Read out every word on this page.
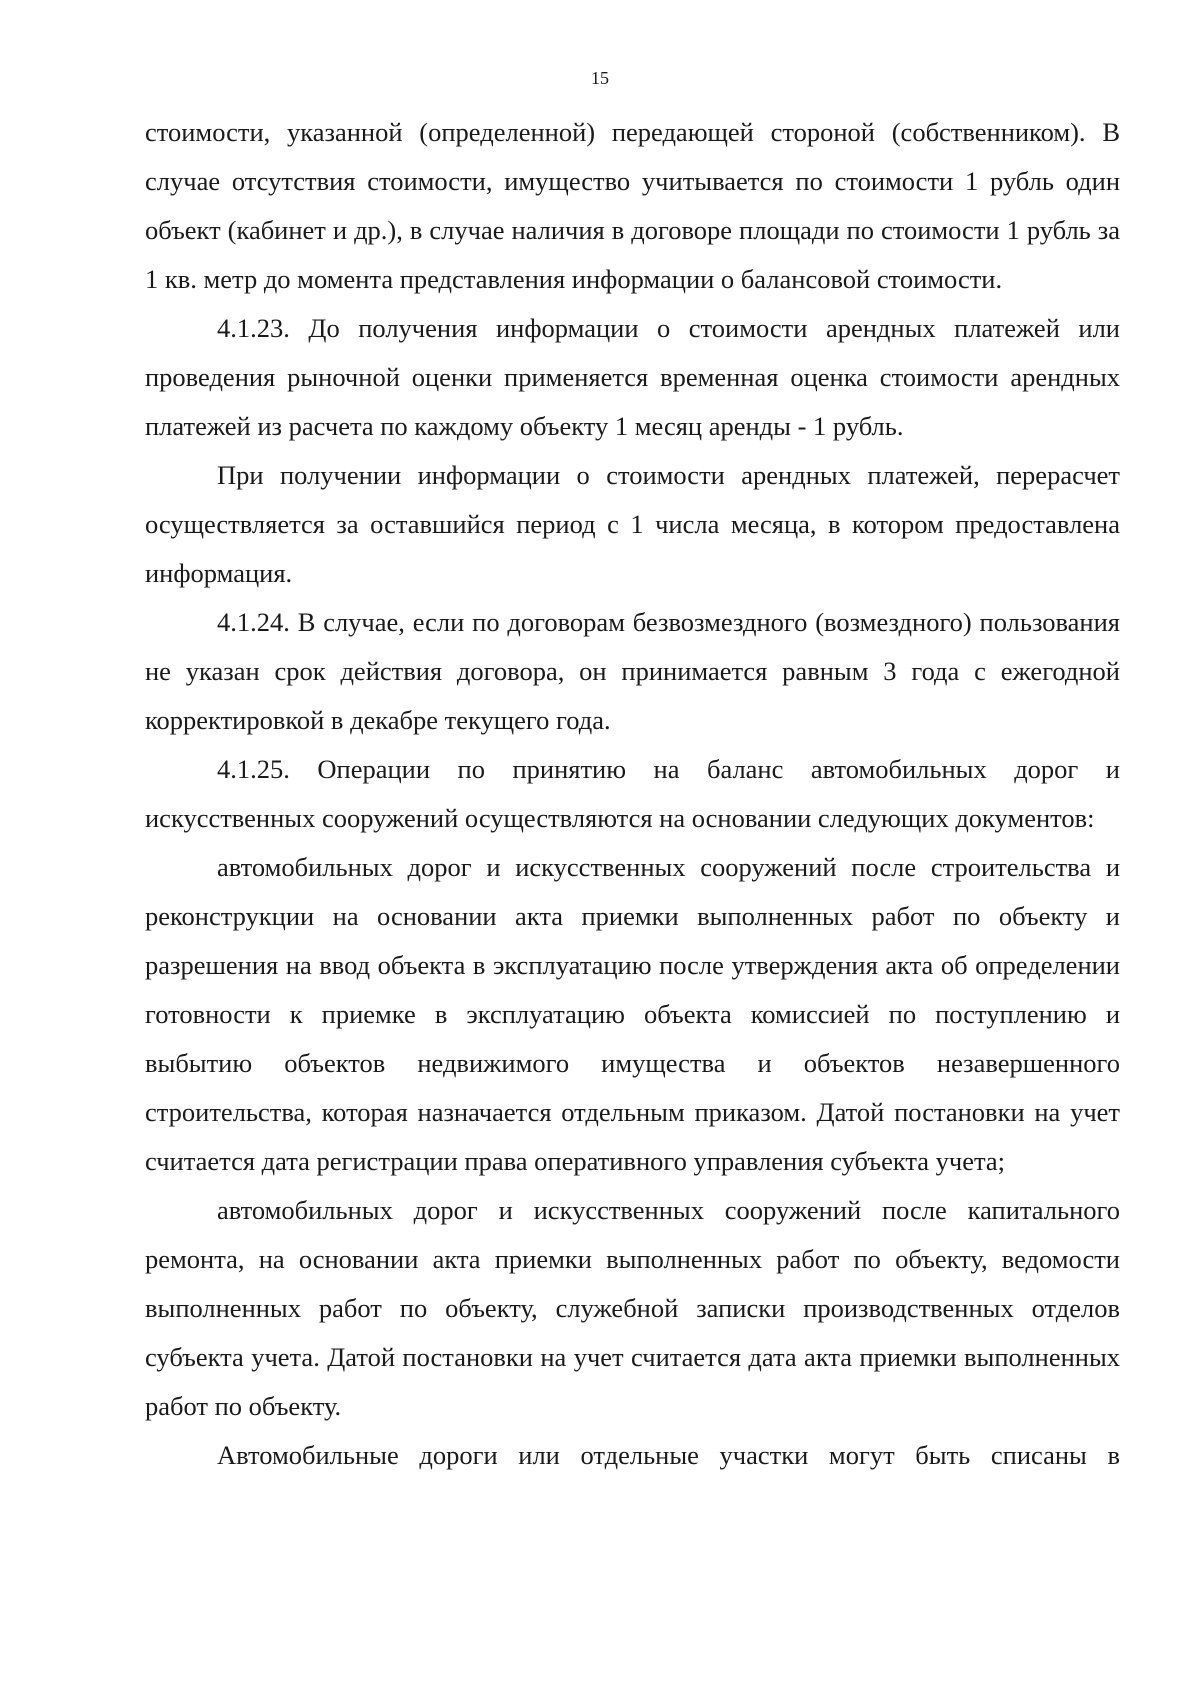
15

стоимости, указанной (определенной) передающей стороной (собственником). В случае отсутствия стоимости, имущество учитывается по стоимости 1 рубль один объект (кабинет и др.), в случае наличия в договоре площади по стоимости 1 рубль за 1 кв. метр до момента представления информации о балансовой стоимости.

4.1.23. До получения информации о стоимости арендных платежей или проведения рыночной оценки применяется временная оценка стоимости арендных платежей из расчета по каждому объекту 1 месяц аренды - 1 рубль.

При получении информации о стоимости арендных платежей, перерасчет осуществляется за оставшийся период с 1 числа месяца, в котором предоставлена информация.

4.1.24. В случае, если по договорам безвозмездного (возмездного) пользования не указан срок действия договора, он принимается равным 3 года с ежегодной корректировкой в декабре текущего года.

4.1.25. Операции по принятию на баланс автомобильных дорог и искусственных сооружений осуществляются на основании следующих документов:

автомобильных дорог и искусственных сооружений после строительства и реконструкции на основании акта приемки выполненных работ по объекту и разрешения на ввод объекта в эксплуатацию после утверждения акта об определении готовности к приемке в эксплуатацию объекта комиссией по поступлению и выбытию объектов недвижимого имущества и объектов незавершенного строительства, которая назначается отдельным приказом. Датой постановки на учет считается дата регистрации права оперативного управления субъекта учета;

автомобильных дорог и искусственных сооружений после капитального ремонта, на основании акта приемки выполненных работ по объекту, ведомости выполненных работ по объекту, служебной записки производственных отделов субъекта учета. Датой постановки на учет считается дата акта приемки выполненных работ по объекту.

Автомобильные дороги или отдельные участки могут быть списаны в
